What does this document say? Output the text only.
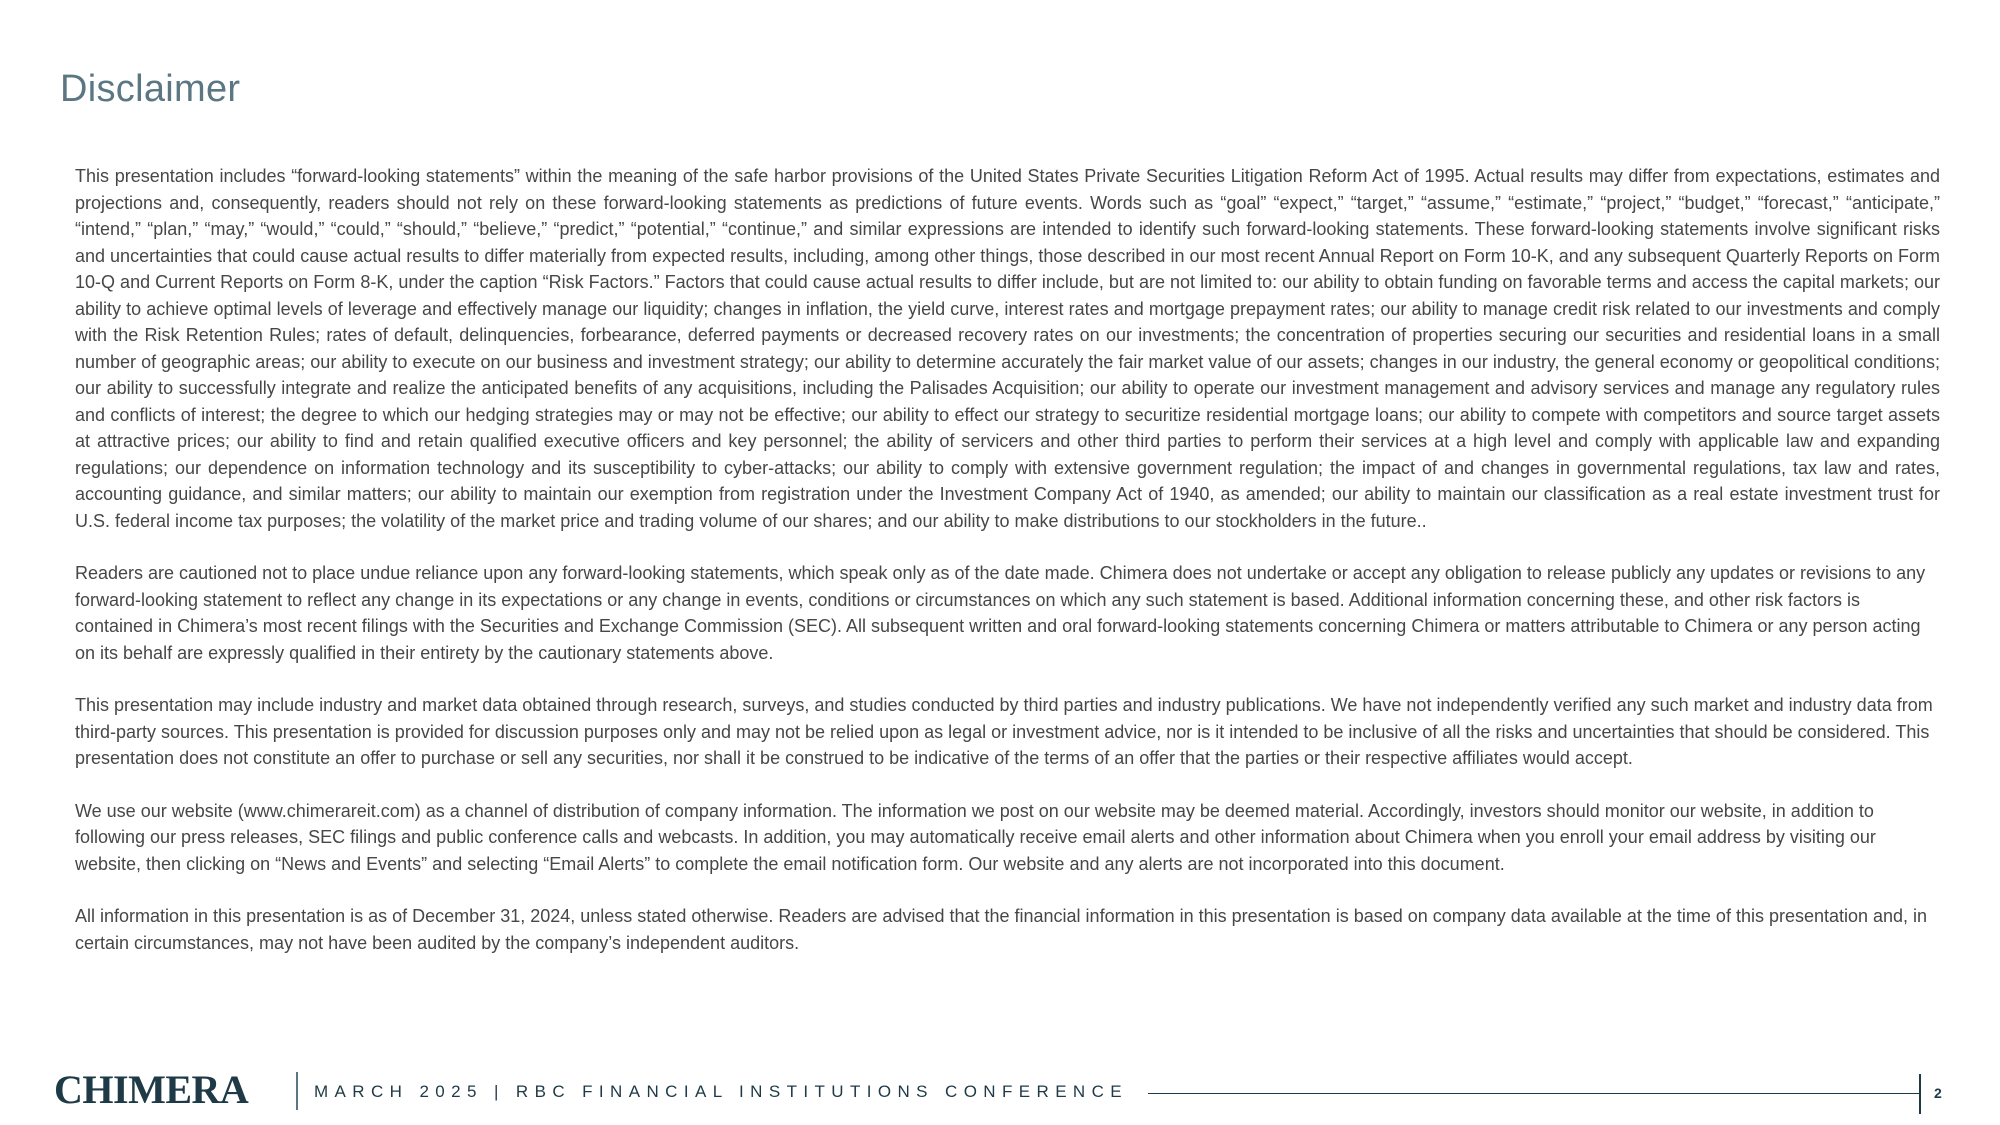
Disclaimer

This presentation includes “forward-looking statements” within the meaning of the safe harbor provisions of the United States Private Securities Litigation Reform Act of 1995. Actual results may differ from expectations, estimates and projections and, consequently, readers should not rely on these forward-looking statements as predictions of future events. Words such as “goal” “expect,” “target,” “assume,” “estimate,” “project,” “budget,” “forecast,” “anticipate,” “intend,” “plan,” “may,” “would,” “could,” “should,” “believe,” “predict,” “potential,” “continue,” and similar expressions are intended to identify such forward-looking statements. These forward-looking statements involve significant risks and uncertainties that could cause actual results to differ materially from expected results, including, among other things, those described in our most recent Annual Report on Form 10-K, and any subsequent Quarterly Reports on Form 10-Q and Current Reports on Form 8-K, under the caption “Risk Factors.” Factors that could cause actual results to differ include, but are not limited to: our ability to obtain funding on favorable terms and access the capital markets; our ability to achieve optimal levels of leverage and effectively manage our liquidity; changes in inflation, the yield curve, interest rates and mortgage prepayment rates; our ability to manage credit risk related to our investments and comply with the Risk Retention Rules; rates of default, delinquencies, forbearance, deferred payments or decreased recovery rates on our investments; the concentration of properties securing our securities and residential loans in a small number of geographic areas; our ability to execute on our business and investment strategy; our ability to determine accurately the fair market value of our assets; changes in our industry, the general economy or geopolitical conditions; our ability to successfully integrate and realize the anticipated benefits of any acquisitions, including the Palisades Acquisition; our ability to operate our investment management and advisory services and manage any regulatory rules and conflicts of interest; the degree to which our hedging strategies may or may not be effective; our ability to effect our strategy to securitize residential mortgage loans; our ability to compete with competitors and source target assets at attractive prices; our ability to find and retain qualified executive officers and key personnel; the ability of servicers and other third parties to perform their services at a high level and comply with applicable law and expanding regulations; our dependence on information technology and its susceptibility to cyber-attacks; our ability to comply with extensive government regulation; the impact of and changes in governmental regulations, tax law and rates, accounting guidance, and similar matters; our ability to maintain our exemption from registration under the Investment Company Act of 1940, as amended; our ability to maintain our classification as a real estate investment trust for U.S. federal income tax purposes; the volatility of the market price and trading volume of our shares; and our ability to make distributions to our stockholders in the future..

Readers are cautioned not to place undue reliance upon any forward-looking statements, which speak only as of the date made. Chimera does not undertake or accept any obligation to release publicly any updates or revisions to any forward-looking statement to reflect any change in its expectations or any change in events, conditions or circumstances on which any such statement is based. Additional information concerning these, and other risk factors is contained in Chimera’s most recent filings with the Securities and Exchange Commission (SEC). All subsequent written and oral forward-looking statements concerning Chimera or matters attributable to Chimera or any person acting on its behalf are expressly qualified in their entirety by the cautionary statements above.

This presentation may include industry and market data obtained through research, surveys, and studies conducted by third parties and industry publications. We have not independently verified any such market and industry data from third-party sources. This presentation is provided for discussion purposes only and may not be relied upon as legal or investment advice, nor is it intended to be inclusive of all the risks and uncertainties that should be considered. This presentation does not constitute an offer to purchase or sell any securities, nor shall it be construed to be indicative of the terms of an offer that the parties or their respective affiliates would accept.

We use our website (www.chimerareit.com) as a channel of distribution of company information. The information we post on our website may be deemed material. Accordingly, investors should monitor our website, in addition to following our press releases, SEC filings and public conference calls and webcasts. In addition, you may automatically receive email alerts and other information about Chimera when you enroll your email address by visiting our website, then clicking on “News and Events” and selecting “Email Alerts” to complete the email notification form. Our website and any alerts are not incorporated into this document.

All information in this presentation is as of December 31, 2024, unless stated otherwise. Readers are advised that the financial information in this presentation is based on company data available at the time of this presentation and, in certain circumstances, may not have been audited by the company’s independent auditors.

CHIMERA	MARCH 2025 | RBC FINANCIAL INSTITUTIONS CONFERENCE	2
